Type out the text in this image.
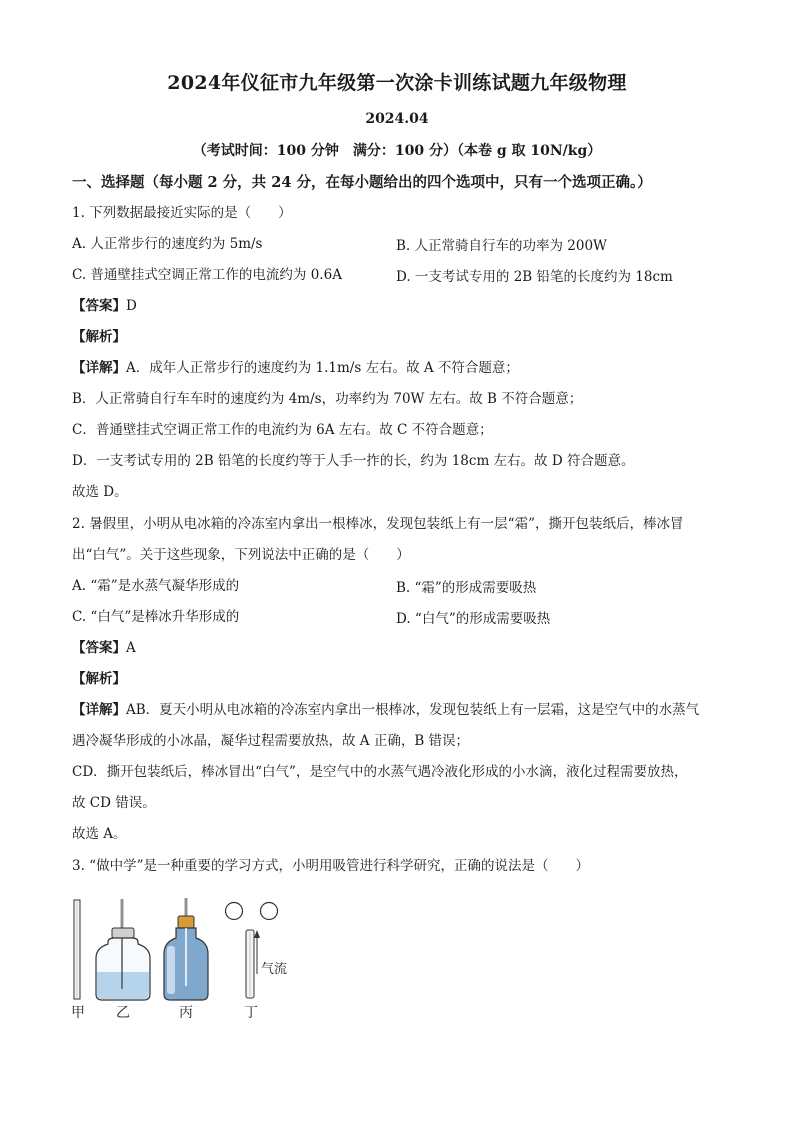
2024年仪征市九年级第一次涂卡训练试题九年级物理
2024.04
（考试时间：100 分钟　满分：100 分）（本卷 g 取 10N/kg）
一、选择题（每小题 2 分，共 24 分，在每小题给出的四个选项中，只有一个选项正确。）
1. 下列数据最接近实际的是（　　）
A. 人正常步行的速度约为 5m/s	B. 人正常骑自行车的功率为 200W
C. 普通壁挂式空调正常工作的电流约为 0.6A	D. 一支考试专用的 2B 铅笔的长度约为 18cm
【答案】D
【解析】
【详解】A．成年人正常步行的速度约为 1.1m/s 左右。故 A 不符合题意；
B．人正常骑自行车车时的速度约为 4m/s，功率约为 70W 左右。故 B 不符合题意；
C．普通壁挂式空调正常工作的电流约为 6A 左右。故 C 不符合题意；
D．一支考试专用的 2B 铅笔的长度约等于人手一拃的长，约为 18cm 左右。故 D 符合题意。
故选 D。
2. 暑假里，小明从电冰箱的冷冻室内拿出一根棒冰，发现包装纸上有一层“霜”，撕开包装纸后，棒冰冒
出“白气”。关于这些现象，下列说法中正确的是（　　）
A. “霜”是水蒸气凝华形成的	B. “霜”的形成需要吸热
C. “白气”是棒冰升华形成的	D. “白气”的形成需要吸热
【答案】A
【解析】
【详解】AB．夏天小明从电冰箱的冷冻室内拿出一根棒冰，发现包装纸上有一层霜，这是空气中的水蒸气
遇冷凝华形成的小冰晶，凝华过程需要放热，故 A 正确，B 错误；
CD．撕开包装纸后，棒冰冒出“白气”，是空气中的水蒸气遇冷液化形成的小水滴，液化过程需要放热，
故 CD 错误。
故选 A。
3. “做中学”是一种重要的学习方式，小明用吸管进行科学研究，正确的说法是（　　）
甲 乙	丙
气流
丁
